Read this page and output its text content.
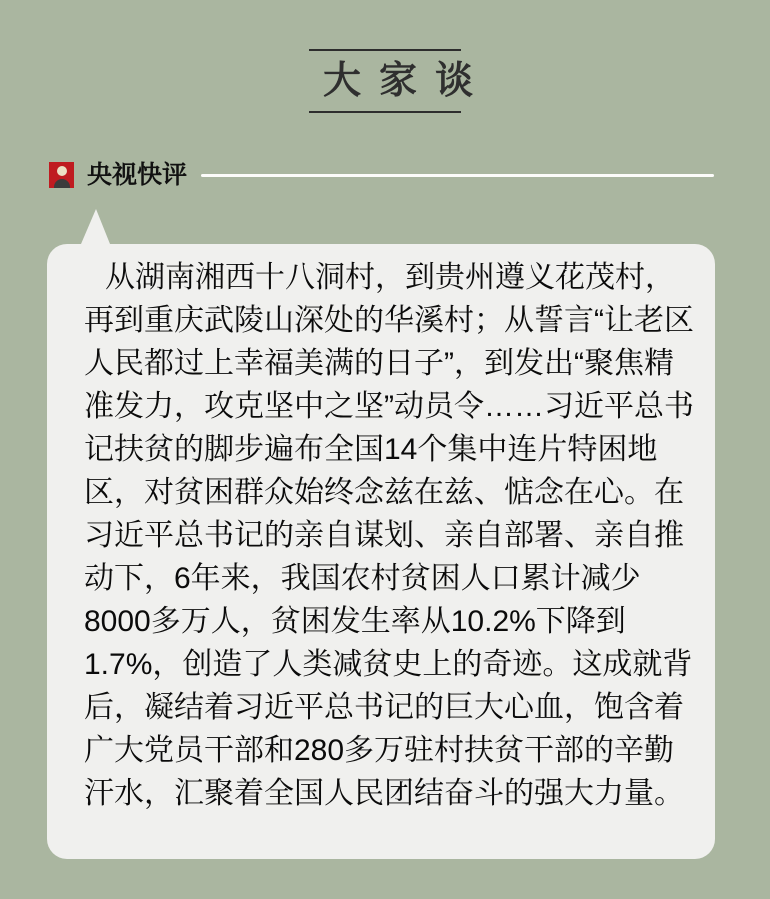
大家谈
央视快评
从湖南湘西十八洞村，到贵州遵义花茂村，
再到重庆武陵山深处的华溪村；从誓言“让老区
人民都过上幸福美满的日子”，到发出“聚焦精
准发力，攻克坚中之坚”动员令……习近平总书
记扶贫的脚步遍布全国14个集中连片特困地
区，对贫困群众始终念兹在兹、惦念在心。在
习近平总书记的亲自谋划、亲自部署、亲自推
动下，6年来，我国农村贫困人口累计减少
8000多万人，贫困发生率从10.2%下降到
1.7%，创造了人类减贫史上的奇迹。这成就背
后，凝结着习近平总书记的巨大心血，饱含着
广大党员干部和280多万驻村扶贫干部的辛勤
汗水，汇聚着全国人民团结奋斗的强大力量。
